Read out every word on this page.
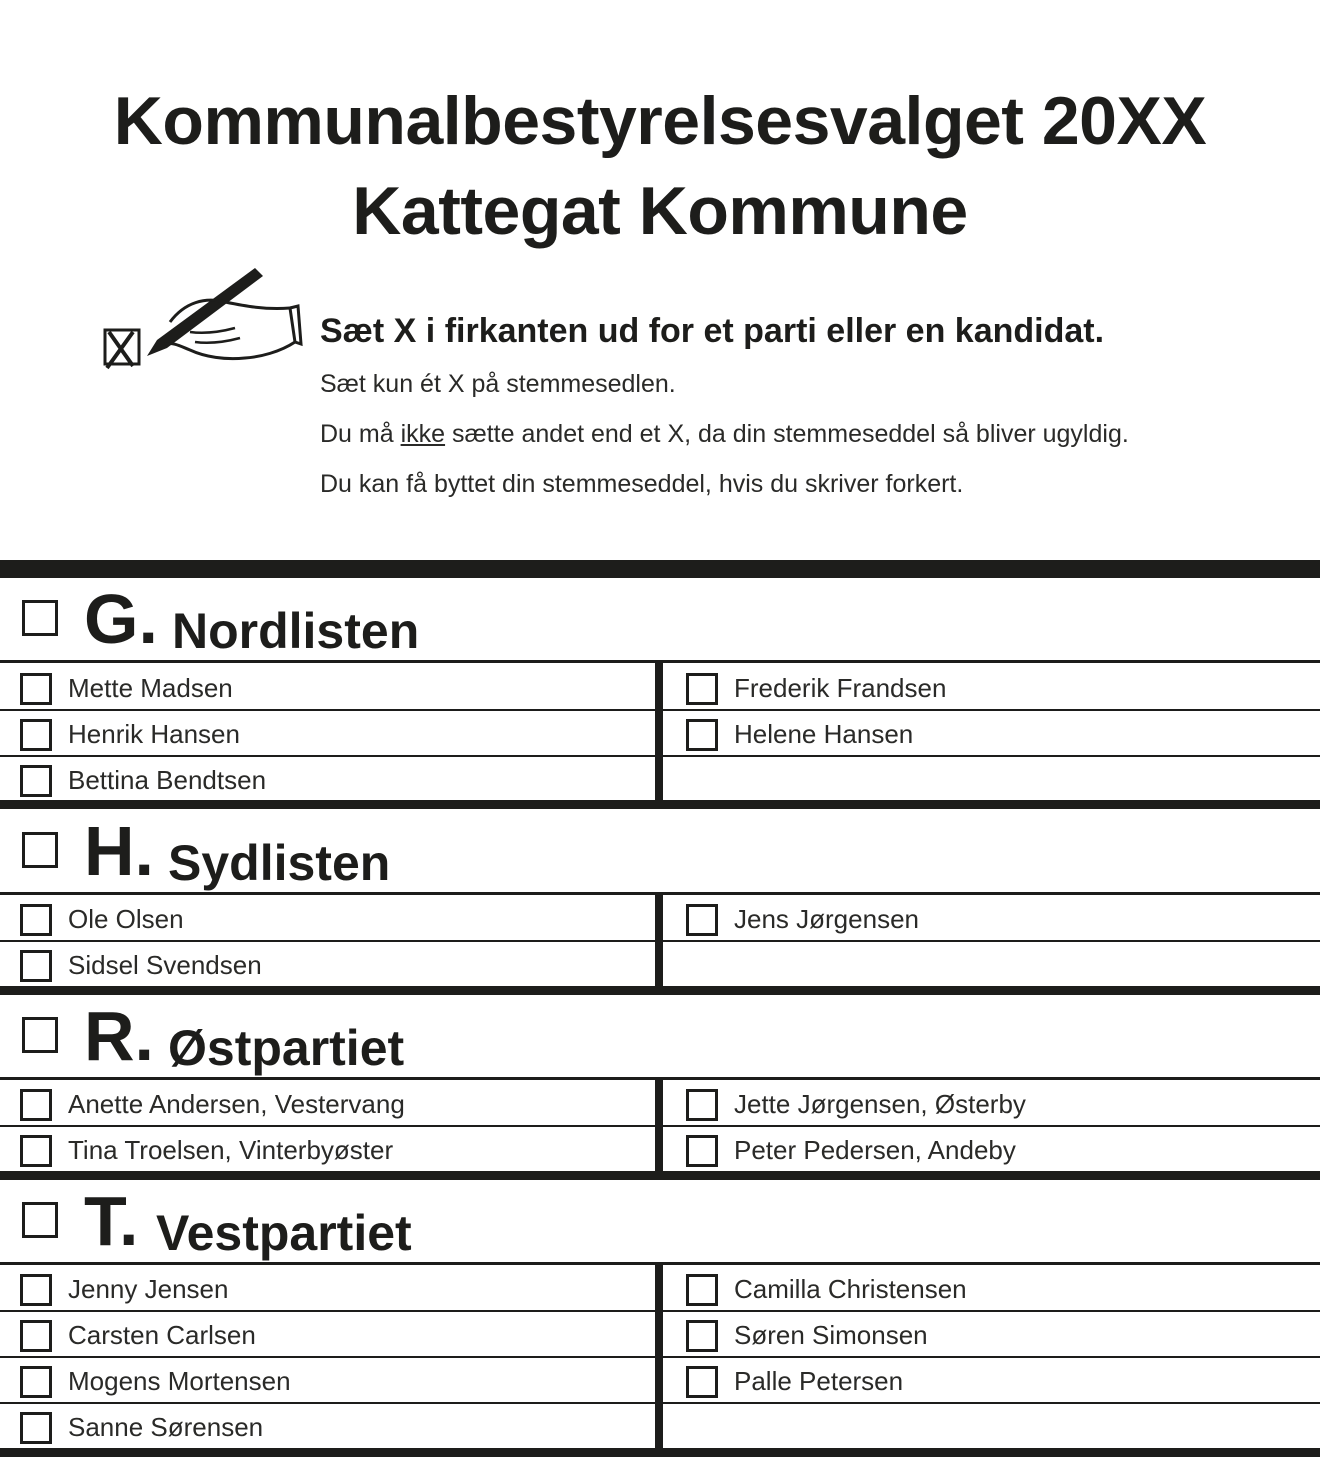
Kommunalbestyrelsesvalget 20XX
Kattegat Kommune

Sæt X i firkanten ud for et parti eller en kandidat.

Sæt kun ét X på stemmesedlen.

Du må ikke sætte andet end et X, da din stemmeseddel så bliver ugyldig.

Du kan få byttet din stemmeseddel, hvis du skriver forkert.

G. Nordlisten
Mette Madsen
Henrik Hansen
Bettina Bendtsen
Frederik Frandsen
Helene Hansen
H. Sydlisten
Ole Olsen
Sidsel Svendsen
Jens Jørgensen
R. Østpartiet
Anette Andersen, Vestervang
Tina Troelsen, Vinterbyøster
Jette Jørgensen, Østerby
Peter Pedersen, Andeby
T. Vestpartiet
Jenny Jensen
Carsten Carlsen
Mogens Mortensen
Sanne Sørensen
Camilla Christensen
Søren Simonsen
Palle Petersen
